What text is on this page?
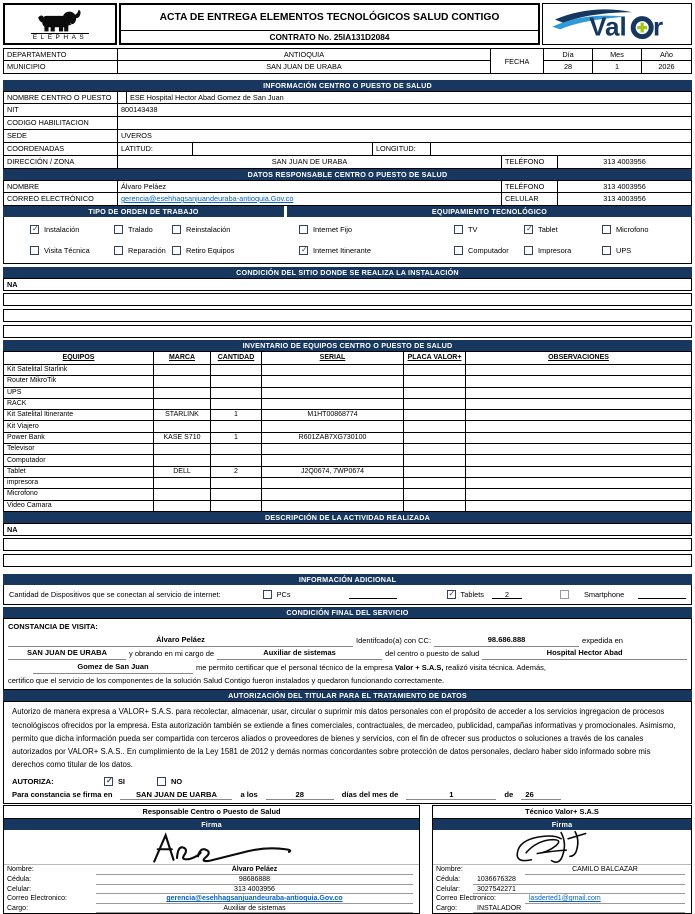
ELEPHAS
ACTA DE ENTREGA ELEMENTOS TECNOLÓGICOS SALUD CONTIGO
CONTRATO No. 25IA131D2084	Val r
DEPARTAMENTO	ANTIOQUIA
MUNICIPIO	SAN JUAN DE URABA
FECHA
Día	Mes	Año
28	1	2026
INFORMACIÓN CENTRO O PUESTO DE SALUD
NOMBRE CENTRO O PUESTO	ESE Hospital Hector Abad Gomez de San Juan
NIT	800143438
CODIGO HABILITACION
SEDE	UVEROS
COORDENADAS	LATITUD:	LONGITUD:
DIRECCIÓN / ZONA	SAN JUAN DE URABA	TELÉFONO	313 4003956
DATOS RESPONSABLE CENTRO O PUESTO DE SALUD
NOMBRE	Álvaro Peláez	TELÉFONO	313 4003956
CORREO ELECTRÓNICO	gerencia@esehhagsanjuandeuraba-antioquia.Gov.co	CELULAR	313 4003956
TIPO DE ORDEN DE TRABAJO	EQUIPAMIENTO TECNOLÓGICO
✓
Instalación	Tralado	Reinstalación	Internet Fijo	TV ✓	Tablet	Microfono
Visita Técnica	Reparación	Retiro Equipos ✓	Internet Itinerante	Computador	Impresora	UPS
CONDICIÓN DEL SITIO DONDE SE REALIZA LA INSTALACIÓN
NA
INVENTARIO DE EQUIPOS CENTRO O PUESTO DE SALUD
EQUIPOS	MARCA	CANTIDAD	SERIAL	PLACA VALOR+	OBSERVACIONES
Kit Satelital Starlink					
Router MikroTik					
UPS					
RACK					
Kit Satelital Itinerante	STARLINK	1	M1HT00868774		
Kit Viajero					
Power Bank	KASE S710	1	R601ZAB7XG730100		
Televisor					
Computador					
Tablet	DELL	2	J2Q0674, 7WP0674		
impresora					
Microfono					
Video Camara					
DESCRIPCIÓN DE LA ACTIVIDAD REALIZADA
NA
INFORMACIÓN ADICIONAL
Cantidad de Dispositivos que se conectan al servicio de internet:	PCs ✓	Tablets	2	Smartphone
CONDICIÓN FINAL DEL SERVICIO
CONSTANCIA DE VISITA:
Álvaro Peláez	Identifcado(a) con CC:	98.686.888	expedida en
SAN JUAN DE URABA	y obrando en mi cargo de	Auxiliar de sistemas	del centro o puesto de salud	Hospital Hector Abad
Gomez de San Juan	me permito certificar que el personal técnico de la empresa Valor + S.A.S, realizó visita técnica. Además,
certifico que el servicio de los componentes de la solución Salud Contigo fueron instalados y quedaron funcionando correctamente.
AUTORIZACIÓN DEL TITULAR PARA EL TRATAMIENTO DE DATOS

Autorizo de manera expresa a VALOR+ S.A.S. para recolectar, almacenar, usar, circular o suprimir mis datos personales con el propósito de acceder a los servicios ingregacion de procesos tecnológiscos ofrecidos por la empresa. Esta autorización también se extiende a fines comerciales, contractuales, de mercadeo, publicidad, campañas informativas y promocionales. Asimismo, permito que dicha información pueda ser compartida con terceros aliados o proveedores de bienes y servicios, con el fin de ofrecer sus productos o soluciones a través de los canales autorizados por VALOR+ S.A.S.. En cumplimiento de la Ley 1581 de 2012 y demás normas concordantes sobre protección de datos personales, declaro haber sido informado sobre mis derechos como titular de los datos.

AUTORIZA: ✓	SI	NO
Para constancia se firma en	SAN JUAN DE UARBA	a los	28	días del mes de	1	de	26
Responsable Centro o Puesto de Salud
Firma
Nombre:	Álvaro Peláez
Cédula:	98686888
Celular:	313 4003956
Correo Electronico:	gerencia@esehhagsanjuandeuraba-antioquia.Gov.co
Cargo:	Auxiliar de sistemas
Técnico Valor+ S.A.S
Firma
Nombre:	CAMILO BALCAZAR
Cédula:	1036676328
Celular:	3027542271
Correo Electronico:	lasderted1@gmail.com
Cargo:	INSTALADOR
